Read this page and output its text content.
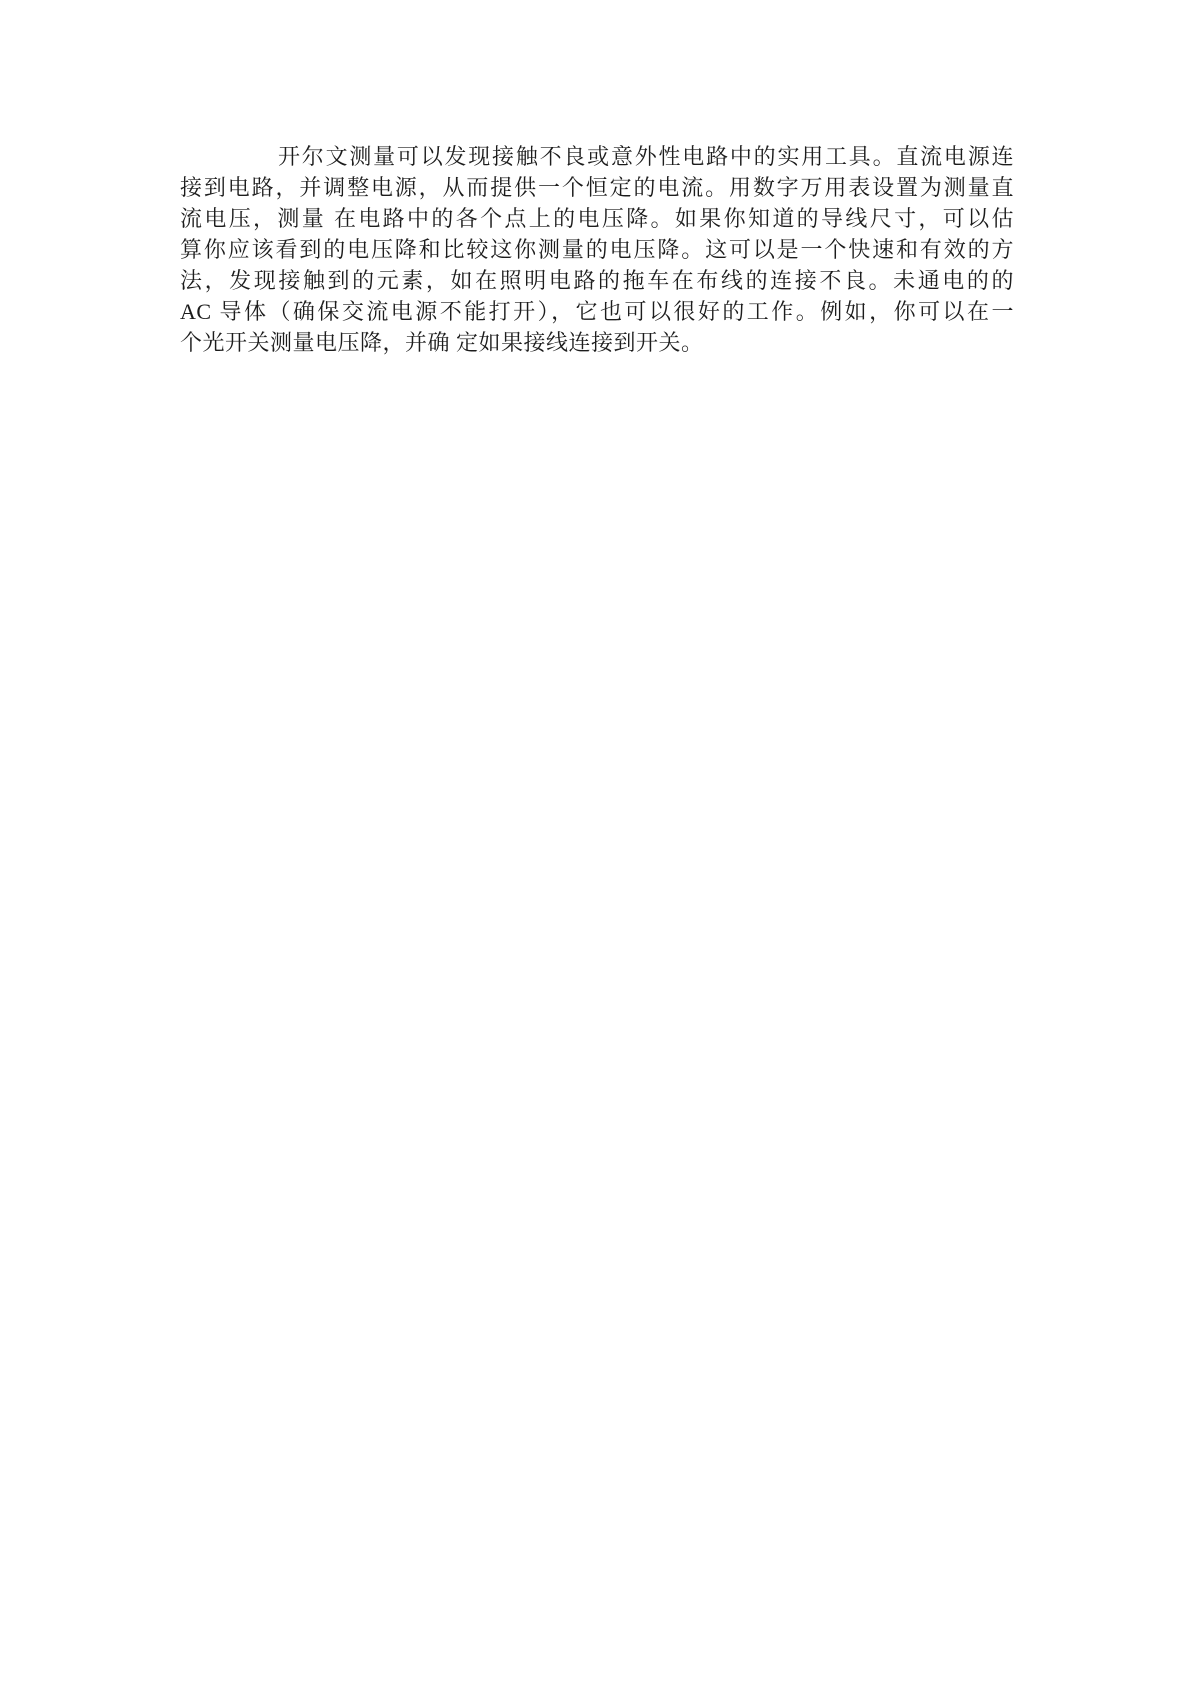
开尔文测量可以发现接触不良或意外性电路中的实用工具。直流电源连
接到电路，并调整电源，从而提供一个恒定的电流。用数字万用表设置为测量直
流电压，测量 在电路中的各个点上的电压降。如果你知道的导线尺寸，可以估
算你应该看到的电压降和比较这你测量的电压降。这可以是一个快速和有效的方
法，发现接触到的元素，如在照明电路的拖车在布线的连接不良。未通电的的
AC 导体（确保交流电源不能打开），它也可以很好的工作。例如，你可以在一
个光开关测量电压降，并确 定如果接线连接到开关。
